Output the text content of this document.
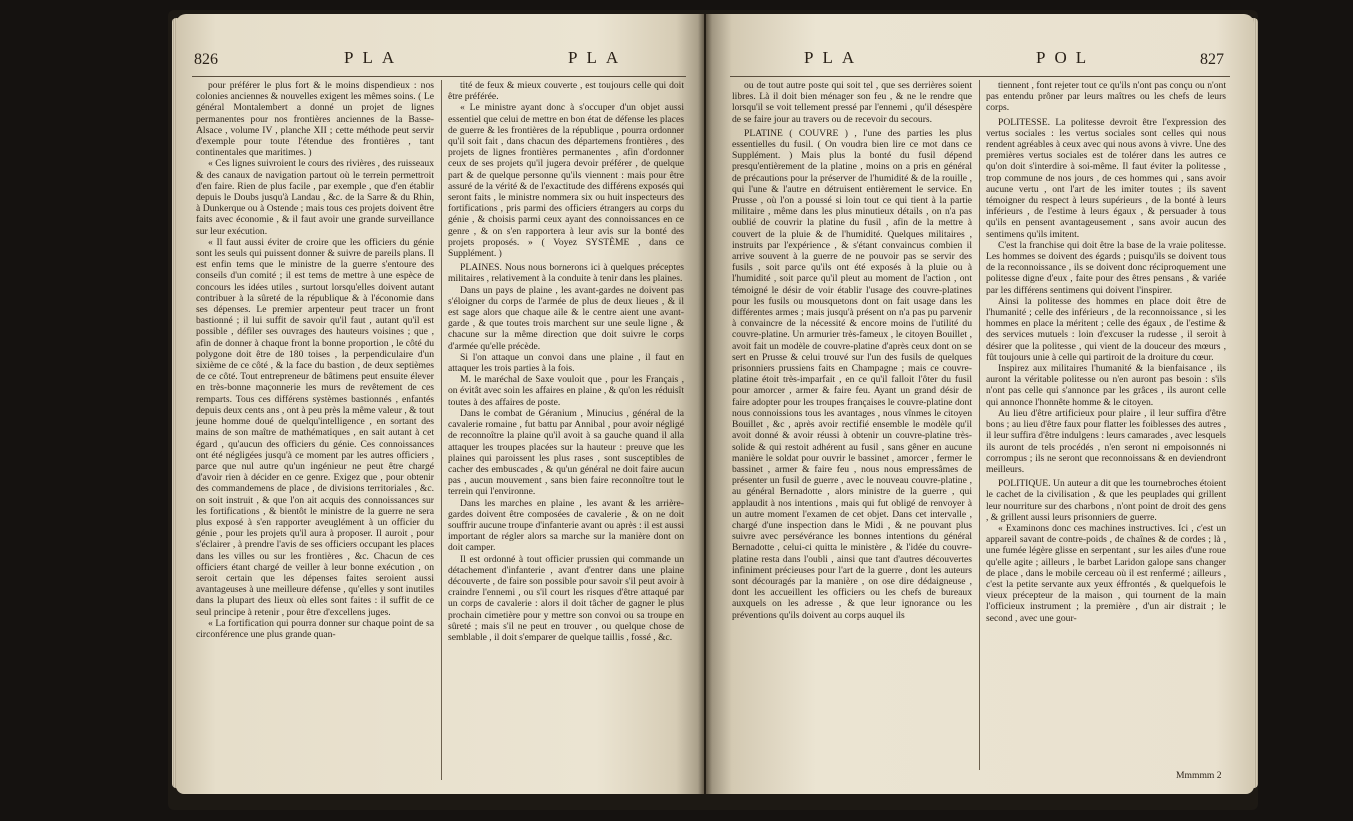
826	PLA	PLA

pour préférer le plus fort & le moins dispendieux : nos colonies anciennes & nouvelles exigent les mêmes soins. ( Le général Montalembert a donné un projet de lignes permanentes pour nos frontières anciennes de la Basse-Alsace , volume IV , planche XII ; cette méthode peut servir d'exemple pour toute l'étendue des frontières , tant continentales que maritimes. )

« Ces lignes suivroient le cours des rivières , des ruisseaux & des canaux de navigation partout où le terrein permettroit d'en faire. Rien de plus facile , par exemple , que d'en établir depuis le Doubs jusqu'à Landau , &c. de la Sarre & du Rhin, à Dunkerque ou à Ostende ; mais tous ces projets doivent être faits avec économie , & il faut avoir une grande surveillance sur leur exécution.

« Il faut aussi éviter de croire que les officiers du génie sont les seuls qui puissent donner & suivre de pareils plans. Il est enfin tems que le ministre de la guerre s'entoure des conseils d'un comité ; il est tems de mettre à une espèce de concours les idées utiles , surtout lorsqu'elles doivent autant contribuer à la sûreté de la république & à l'économie dans ses dépenses. Le premier arpenteur peut tracer un front bastionné ; il lui suffit de savoir qu'il faut , autant qu'il est possible , défiler ses ouvrages des hauteurs voisines ; que , afin de donner à chaque front la bonne proportion , le côté du polygone doit être de 180 toises , la perpendiculaire d'un sixième de ce côté , & la face du bastion , de deux septièmes de ce côté. Tout entrepreneur de bâtimens peut ensuite élever en très-bonne maçonnerie les murs de revêtement de ces remparts. Tous ces différens systèmes bastionnés , enfantés depuis deux cents ans , ont à peu près la même valeur , & tout jeune homme doué de quelqu'intelligence , en sortant des mains de son maître de mathématiques , en sait autant à cet égard , qu'aucun des officiers du génie. Ces connoissances ont été négligées jusqu'à ce moment par les autres officiers , parce que nul autre qu'un ingénieur ne peut être chargé d'avoir rien à décider en ce genre. Exigez que , pour obtenir des commandemens de place , de divisions territoriales , &c. on soit instruit , & que l'on ait acquis des connoissances sur les fortifications , & bientôt le ministre de la guerre ne sera plus exposé à s'en rapporter aveuglément à un officier du génie , pour les projets qu'il aura à proposer. Il auroit , pour s'éclairer , à prendre l'avis de ses officiers occupant les places dans les villes ou sur les frontières , &c. Chacun de ces officiers étant chargé de veiller à leur bonne exécution , on seroit certain que les dépenses faites seroient aussi avantageuses à une meilleure défense , qu'elles y sont inutiles dans la plupart des lieux où elles sont faites : il suffit de ce seul principe à retenir , pour être d'excellens juges.

« La fortification qui pourra donner sur chaque point de sa circonférence une plus grande quan-

tité de feux & mieux couverte , est toujours celle qui doit être préférée.

« Le ministre ayant donc à s'occuper d'un objet aussi essentiel que celui de mettre en bon état de défense les places de guerre & les frontières de la république , pourra ordonner qu'il soit fait , dans chacun des départemens frontières , des projets de lignes frontières permanentes , afin d'ordonner ceux de ses projets qu'il jugera devoir préférer , de quelque part & de quelque personne qu'ils viennent : mais pour être assuré de la vérité & de l'exactitude des différens exposés qui seront faits , le ministre nommera six ou huit inspecteurs des fortifications , pris parmi des officiers étrangers au corps du génie , & choisis parmi ceux ayant des connoissances en ce genre , & on s'en rapportera à leur avis sur la bonté des projets proposés. » ( Voyez SYSTÈME , dans ce Supplément. )

PLAINES. Nous nous bornerons ici à quelques préceptes militaires , relativement à la conduite à tenir dans les plaines.

Dans un pays de plaine , les avant-gardes ne doivent pas s'éloigner du corps de l'armée de plus de deux lieues , & il est sage alors que chaque aile & le centre aient une avant-garde , & que toutes trois marchent sur une seule ligne , & chacune sur la même direction que doit suivre le corps d'armée qu'elle précède.

Si l'on attaque un convoi dans une plaine , il faut en attaquer les trois parties à la fois.

M. le maréchal de Saxe vouloit que , pour les Français , on évitât avec soin les affaires en plaine , & qu'on les réduisît toutes à des affaires de poste.

Dans le combat de Géranium , Minucius , général de la cavalerie romaine , fut battu par Annibal , pour avoir négligé de reconnoître la plaine qu'il avoit à sa gauche quand il alla attaquer les troupes placées sur la hauteur : preuve que les plaines qui paroissent les plus rases , sont susceptibles de cacher des embuscades , & qu'un général ne doit faire aucun pas , aucun mouvement , sans bien faire reconnoître tout le terrein qui l'environne.

Dans les marches en plaine , les avant & les arrière-gardes doivent être composées de cavalerie , & on ne doit souffrir aucune troupe d'infanterie avant ou après : il est aussi important de régler alors sa marche sur la manière dont on doit camper.

Il est ordonné à tout officier prussien qui commande un détachement d'infanterie , avant d'entrer dans une plaine découverte , de faire son possible pour savoir s'il peut avoir à craindre l'ennemi , ou s'il court les risques d'être attaqué par un corps de cavalerie : alors il doit tâcher de gagner le plus prochain cimetière pour y mettre son convoi ou sa troupe en sûreté ; mais s'il ne peut en trouver , ou quelque chose de semblable , il doit s'emparer de quelque taillis , fossé , &c.

PLA	POL	827

ou de tout autre poste qui soit tel , que ses derrières soient libres. Là il doit bien ménager son feu , & ne le rendre que lorsqu'il se voit tellement pressé par l'ennemi , qu'il désespère de se faire jour au travers ou de recevoir du secours.

PLATINE ( COUVRE ) , l'une des parties les plus essentielles du fusil. ( On voudra bien lire ce mot dans ce Supplément. ) Mais plus la bonté du fusil dépend presqu'entièrement de la platine , moins on a pris en général de précautions pour la préserver de l'humidité & de la rouille , qui l'une & l'autre en détruisent entièrement le service. En Prusse , où l'on a poussé si loin tout ce qui tient à la partie militaire , même dans les plus minutieux détails , on n'a pas oublié de couvrir la platine du fusil , afin de la mettre à couvert de la pluie & de l'humidité. Quelques militaires , instruits par l'expérience , & s'étant convaincus combien il arrive souvent à la guerre de ne pouvoir pas se servir des fusils , soit parce qu'ils ont été exposés à la pluie ou à l'humidité , soit parce qu'il pleut au moment de l'action , ont témoigné le désir de voir établir l'usage des couvre-platines pour les fusils ou mousquetons dont on fait usage dans les différentes armes ; mais jusqu'à présent on n'a pas pu parvenir à convaincre de la nécessité & encore moins de l'utilité du couvre-platine. Un armurier très-fameux , le citoyen Bouillet , avoit fait un modèle de couvre-platine d'après ceux dont on se sert en Prusse & celui trouvé sur l'un des fusils de quelques prisonniers prussiens faits en Champagne ; mais ce couvre-platine étoit très-imparfait , en ce qu'il falloit l'ôter du fusil pour amorcer , armer & faire feu. Ayant un grand désir de faire adopter pour les troupes françaises le couvre-platine dont nous connoissions tous les avantages , nous vînmes le citoyen Bouillet , &c , après avoir rectifié ensemble le modèle qu'il avoit donné & avoir réussi à obtenir un couvre-platine très-solide & qui restoit adhérent au fusil , sans gêner en aucune manière le soldat pour ouvrir le bassinet , amorcer , fermer le bassinet , armer & faire feu , nous nous empressâmes de présenter un fusil de guerre , avec le nouveau couvre-platine , au général Bernadotte , alors ministre de la guerre , qui applaudit à nos intentions , mais qui fut obligé de renvoyer à un autre moment l'examen de cet objet. Dans cet intervalle , chargé d'une inspection dans le Midi , & ne pouvant plus suivre avec persévérance les bonnes intentions du général Bernadotte , celui-ci quitta le ministère , & l'idée du couvre-platine resta dans l'oubli , ainsi que tant d'autres découvertes infiniment précieuses pour l'art de la guerre , dont les auteurs sont découragés par la manière , on ose dire dédaigneuse , dont les accueillent les officiers ou les chefs de bureaux auxquels on les adresse , & que leur ignorance ou les préventions qu'ils doivent au corps auquel ils

tiennent , font rejeter tout ce qu'ils n'ont pas conçu ou n'ont pas entendu prôner par leurs maîtres ou les chefs de leurs corps.

POLITESSE. La politesse devroit être l'expression des vertus sociales : les vertus sociales sont celles qui nous rendent agréables à ceux avec qui nous avons à vivre. Une des premières vertus sociales est de tolérer dans les autres ce qu'on doit s'interdire à soi-même. Il faut éviter la politesse , trop commune de nos jours , de ces hommes qui , sans avoir aucune vertu , ont l'art de les imiter toutes ; ils savent témoigner du respect à leurs supérieurs , de la bonté à leurs inférieurs , de l'estime à leurs égaux , & persuader à tous qu'ils en pensent avantageusement , sans avoir aucun des sentimens qu'ils imitent.

C'est la franchise qui doit être la base de la vraie politesse. Les hommes se doivent des égards ; puisqu'ils se doivent tous de la reconnoissance , ils se doivent donc réciproquement une politesse digne d'eux , faite pour des êtres pensans , & variée par les différens sentimens qui doivent l'inspirer.

Ainsi la politesse des hommes en place doit être de l'humanité ; celle des inférieurs , de la reconnoissance , si les hommes en place la méritent ; celle des égaux , de l'estime & des services mutuels : loin d'excuser la rudesse , il seroit à désirer que la politesse , qui vient de la douceur des mœurs , fût toujours unie à celle qui partiroit de la droiture du cœur.

Inspirez aux militaires l'humanité & la bienfaisance , ils auront la véritable politesse ou n'en auront pas besoin : s'ils n'ont pas celle qui s'annonce par les grâces , ils auront celle qui annonce l'honnête homme & le citoyen.

Au lieu d'être artificieux pour plaire , il leur suffira d'être bons ; au lieu d'être faux pour flatter les foiblesses des autres , il leur suffira d'être indulgens : leurs camarades , avec lesquels ils auront de tels procédés , n'en seront ni empoisonnés ni corrompus ; ils ne seront que reconnoissans & en deviendront meilleurs.

POLITIQUE. Un auteur a dit que les tournebroches étoient le cachet de la civilisation , & que les peuplades qui grillent leur nourriture sur des charbons , n'ont point de droit des gens , & grillent aussi leurs prisonniers de guerre.

« Examinons donc ces machines instructives. Ici , c'est un appareil savant de contre-poids , de chaînes & de cordes ; là , une fumée légère glisse en serpentant , sur les ailes d'une roue qu'elle agite ; ailleurs , le barbet Laridon galope sans changer de place , dans le mobile cerceau où il est renfermé ; ailleurs , c'est la petite servante aux yeux éffrontés , & quelquefois le vieux précepteur de la maison , qui tournent de la main l'officieux instrument ; la première , d'un air distrait ; le second , avec une gour-

Mmmmm 2
